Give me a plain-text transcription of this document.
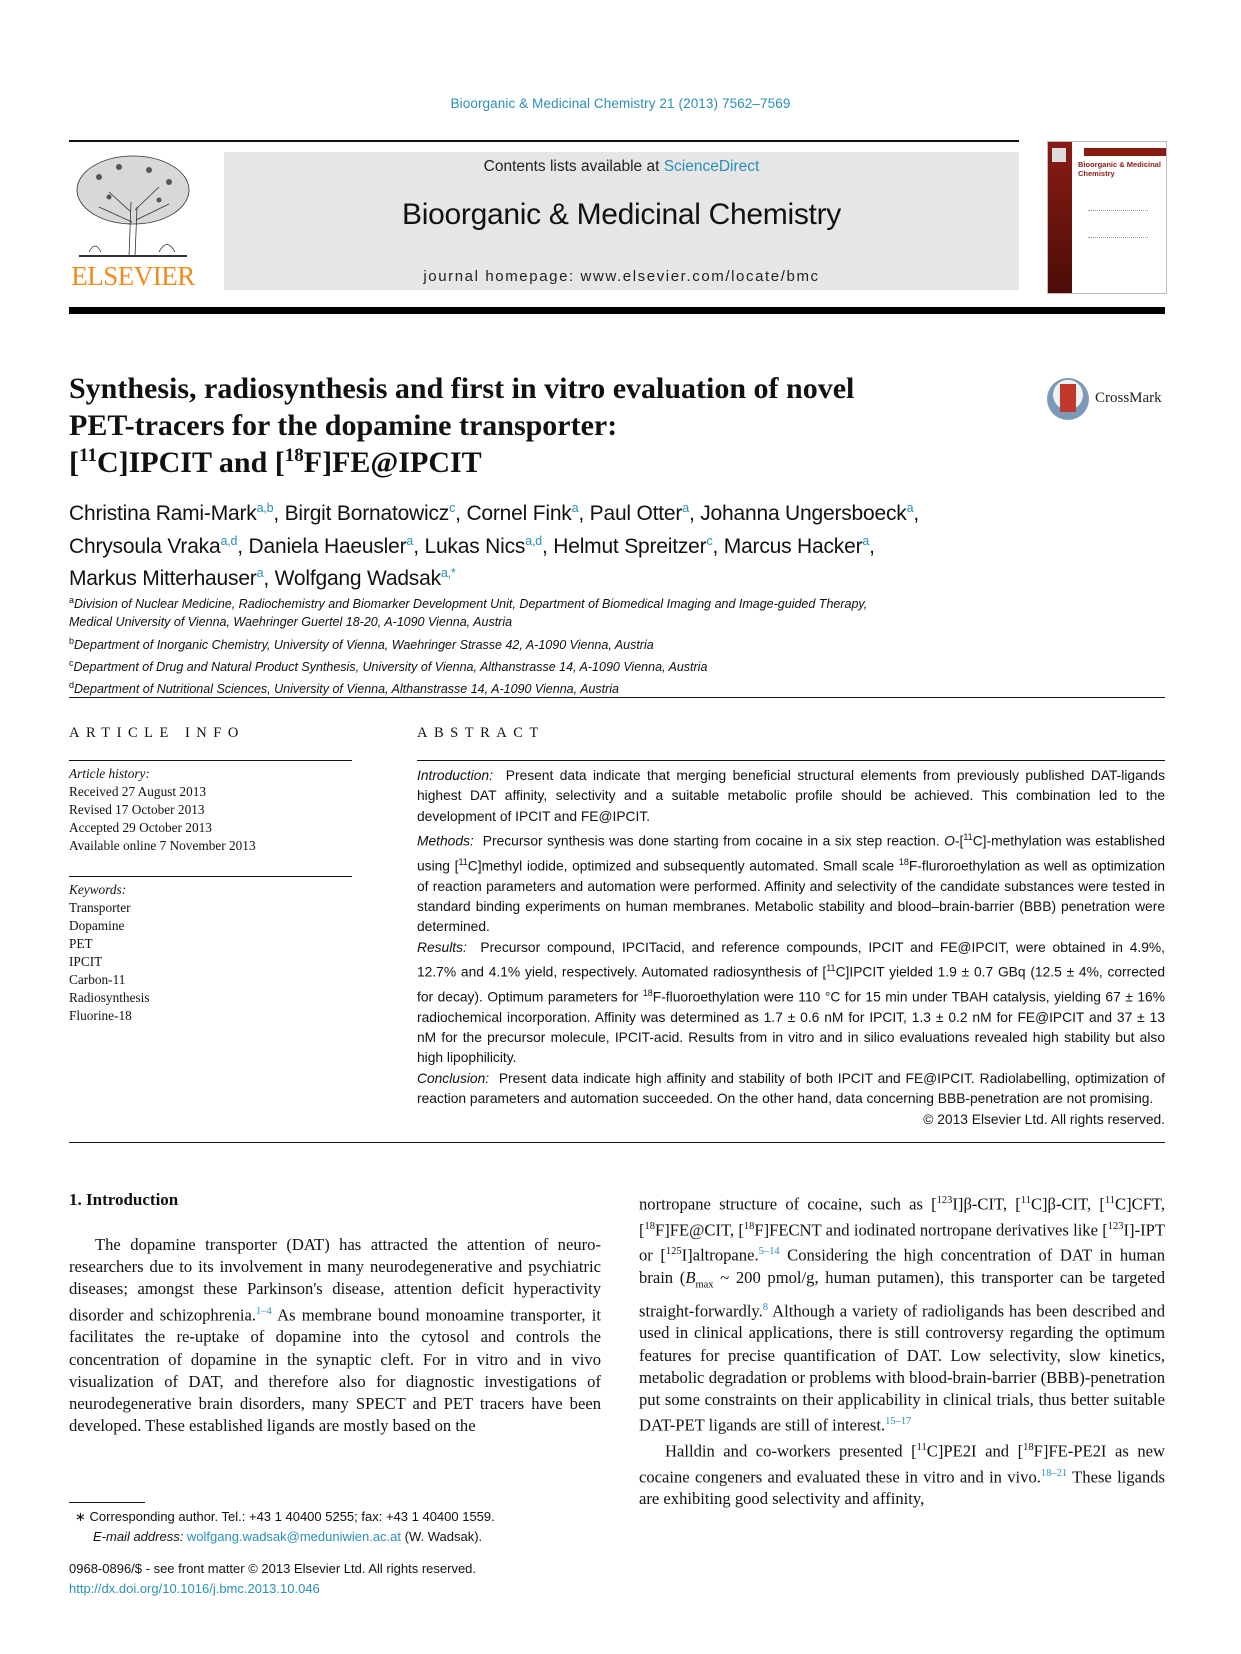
Bioorganic & Medicinal Chemistry 21 (2013) 7562–7569
ELSEVIER
Contents lists available at ScienceDirect
Bioorganic & Medicinal Chemistry
journal homepage: www.elsevier.com/locate/bmc
Bioorganic & Medicinal Chemistry
Synthesis, radiosynthesis and first in vitro evaluation of novel
PET-tracers for the dopamine transporter:
[$^{11}$C]IPCIT and [$^{18}$F]FE@IPCIT
CrossMark
Christina Rami-Mark$^{a,b}$, Birgit Bornatowicz$^c$, Cornel Fink$^a$, Paul Otter$^a$, Johanna Ungersboeck$^a$,
Chrysoula Vraka$^{a,d}$, Daniela Haeusler$^a$, Lukas Nics$^{a,d}$, Helmut Spreitzer$^c$, Marcus Hacker$^a$,
Markus Mitterhauser$^a$, Wolfgang Wadsak$^{a,*}$
$^a$Division of Nuclear Medicine, Radiochemistry and Biomarker Development Unit, Department of Biomedical Imaging and Image-guided Therapy,
Medical University of Vienna, Waehringer Guertel 18-20, A-1090 Vienna, Austria
$^b$Department of Inorganic Chemistry, University of Vienna, Waehringer Strasse 42, A-1090 Vienna, Austria
$^c$Department of Drug and Natural Product Synthesis, University of Vienna, Althanstrasse 14, A-1090 Vienna, Austria
$^d$Department of Nutritional Sciences, University of Vienna, Althanstrasse 14, A-1090 Vienna, Austria
ARTICLE INFO
Article history:
Received 27 August 2013
Revised 17 October 2013
Accepted 29 October 2013
Available online 7 November 2013
Keywords:
Transporter
Dopamine
PET
IPCIT
Carbon-11
Radiosynthesis
Fluorine-18
ABSTRACT

Introduction: Present data indicate that merging beneficial structural elements from previously published DAT-ligands highest DAT affinity, selectivity and a suitable metabolic profile should be achieved. This combination led to the development of IPCIT and FE@IPCIT.

Methods: Precursor synthesis was done starting from cocaine in a six step reaction. O-[$^{11}$C]-methylation was established using [$^{11}$C]methyl iodide, optimized and subsequently automated. Small scale $^{18}$F-fluroroethylation as well as optimization of reaction parameters and automation were performed. Affinity and selectivity of the candidate substances were tested in standard binding experiments on human membranes. Metabolic stability and blood–brain-barrier (BBB) penetration were determined.

Results: Precursor compound, IPCITacid, and reference compounds, IPCIT and FE@IPCIT, were obtained in 4.9%, 12.7% and 4.1% yield, respectively. Automated radiosynthesis of [$^{11}$C]IPCIT yielded 1.9 ± 0.7 GBq (12.5 ± 4%, corrected for decay). Optimum parameters for $^{18}$F-fluoroethylation were 110 °C for 15 min under TBAH catalysis, yielding 67 ± 16% radiochemical incorporation. Affinity was determined as 1.7 ± 0.6 nM for IPCIT, 1.3 ± 0.2 nM for FE@IPCIT and 37 ± 13 nM for the precursor molecule, IPCIT-acid. Results from in vitro and in silico evaluations revealed high stability but also high lipophilicity.

Conclusion: Present data indicate high affinity and stability of both IPCIT and FE@IPCIT. Radiolabelling, optimization of reaction parameters and automation succeeded. On the other hand, data concerning BBB-penetration are not promising.

© 2013 Elsevier Ltd. All rights reserved.

1. Introduction

The dopamine transporter (DAT) has attracted the attention of neuro-researchers due to its involvement in many neurodegenerative and psychiatric diseases; amongst these Parkinson's disease, attention deficit hyperactivity disorder and schizophrenia.$^{1-4}$ As membrane bound monoamine transporter, it facilitates the re-uptake of dopamine into the cytosol and controls the concentration of dopamine in the synaptic cleft. For in vitro and in vivo visualization of DAT, and therefore also for diagnostic investigations of neurodegenerative brain disorders, many SPECT and PET tracers have been developed. These established ligands are mostly based on the

nortropane structure of cocaine, such as [$^{123}$I]β-CIT, [$^{11}$C]β-CIT, [$^{11}$C]CFT, [$^{18}$F]FE@CIT, [$^{18}$F]FECNT and iodinated nortropane derivatives like [$^{123}$I]-IPT or [$^{125}$I]altropane.$^{5-14}$ Considering the high concentration of DAT in human brain ($B_{max}$ ~ 200 pmol/g, human putamen), this transporter can be targeted straight-forwardly.$^8$ Although a variety of radioligands has been described and used in clinical applications, there is still controversy regarding the optimum features for precise quantification of DAT. Low selectivity, slow kinetics, metabolic degradation or problems with blood-brain-barrier (BBB)-penetration put some constraints on their applicability in clinical trials, thus better suitable DAT-PET ligands are still of interest.$^{15-17}$

Halldin and co-workers presented [$^{11}$C]PE2I and [$^{18}$F]FE-PE2I as new cocaine congeners and evaluated these in vitro and in vivo.$^{18-21}$ These ligands are exhibiting good selectivity and affinity,

∗ Corresponding author. Tel.: +43 1 40400 5255; fax: +43 1 40400 1559.
E-mail address: wolfgang.wadsak@meduniwien.ac.at (W. Wadsak).
0968-0896/$ - see front matter © 2013 Elsevier Ltd. All rights reserved.
http://dx.doi.org/10.1016/j.bmc.2013.10.046
